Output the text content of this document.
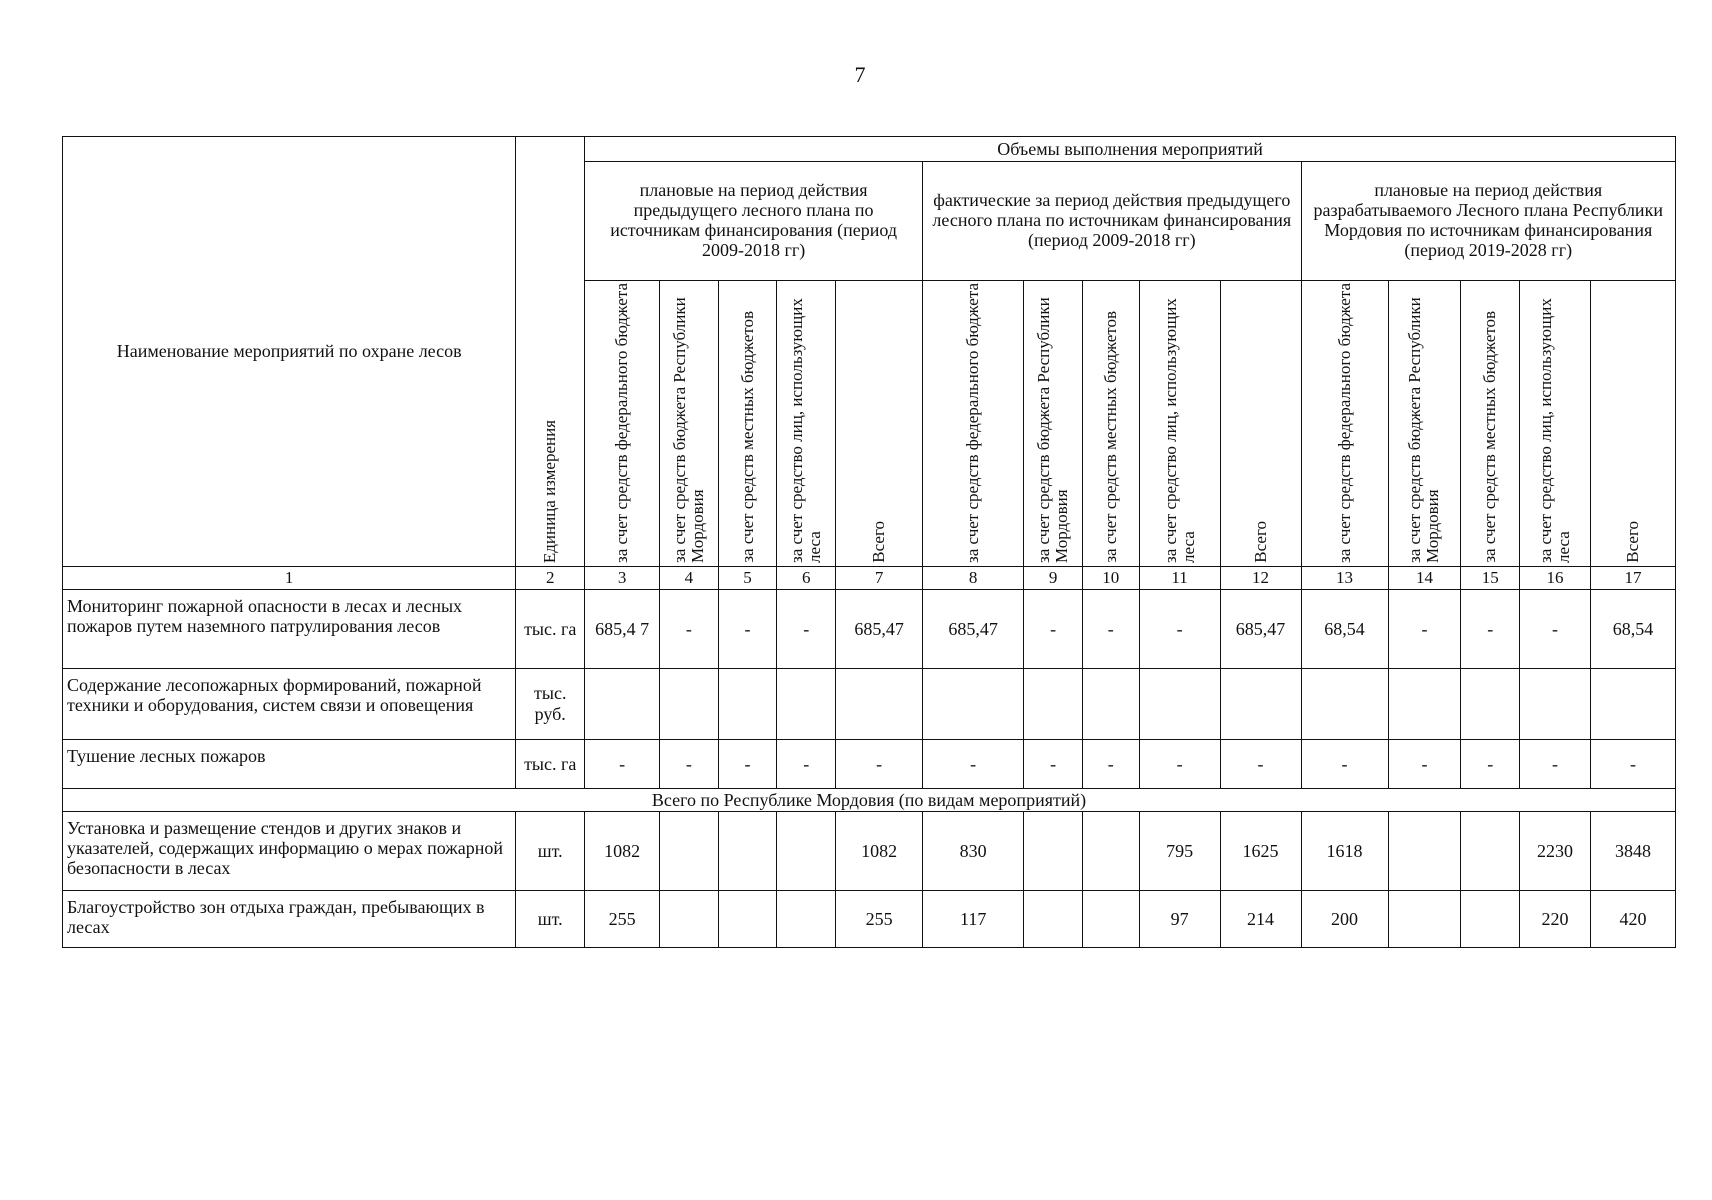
7
Наименование мероприятий по охране лесов	Единица измерения	Объемы выполнения мероприятий														
		плановые на период действия предыдущего лесного плана по источникам финансирования (период 2009-2018 гг)					фактические за период действия предыдущего лесного плана по источникам финансирования (период 2009-2018 гг)					плановые на период действия разрабатываемого Лесного плана Республики Мордовия по источникам финансирования (период 2019-2028 гг)				

		за счет средств федерального бюджета	за счет средств бюджета Республики Мордовия	за счет средств местных бюджетов	за счет средство лиц, использующих леса	Всего	за счет средств федерального бюджета	за счет средств бюджета Республики Мордовия	за счет средств местных бюджетов	за счет средство лиц, использующих леса	Всего	за счет средств федерального бюджета	за счет средств бюджета Республики Мордовия	за счет средств местных бюджетов	за счет средство лиц, использующих леса	Всего

1	2	3	4	5	6	7	8	9	10	11	12	13	14	15	16	17
Мониторинг пожарной опасности в лесах и лесных пожаров путем наземного патрулирования лесов	тыс. га	685,4 7	-	-	-	685,47	685,47	-	-	-	685,47	68,54	-	-	-	68,54
Содержание лесопожарных формирований, пожарной техники и оборудования, систем связи и оповещения	тыс. руб.															
Тушение лесных пожаров	тыс. га	-	-	-	-	-	-	-	-	-	-	-	-	-	-	-
Всего по Республике Мордовия (по видам мероприятий)																
Установка и размещение стендов и других знаков и указателей, содержащих информацию о мерах пожарной безопасности в лесах	шт.	1082				1082	830			795	1625	1618			2230	3848
Благоустройство зон отдыха граждан, пребывающих в лесах	шт.	255				255	117			97	214	200			220	420
